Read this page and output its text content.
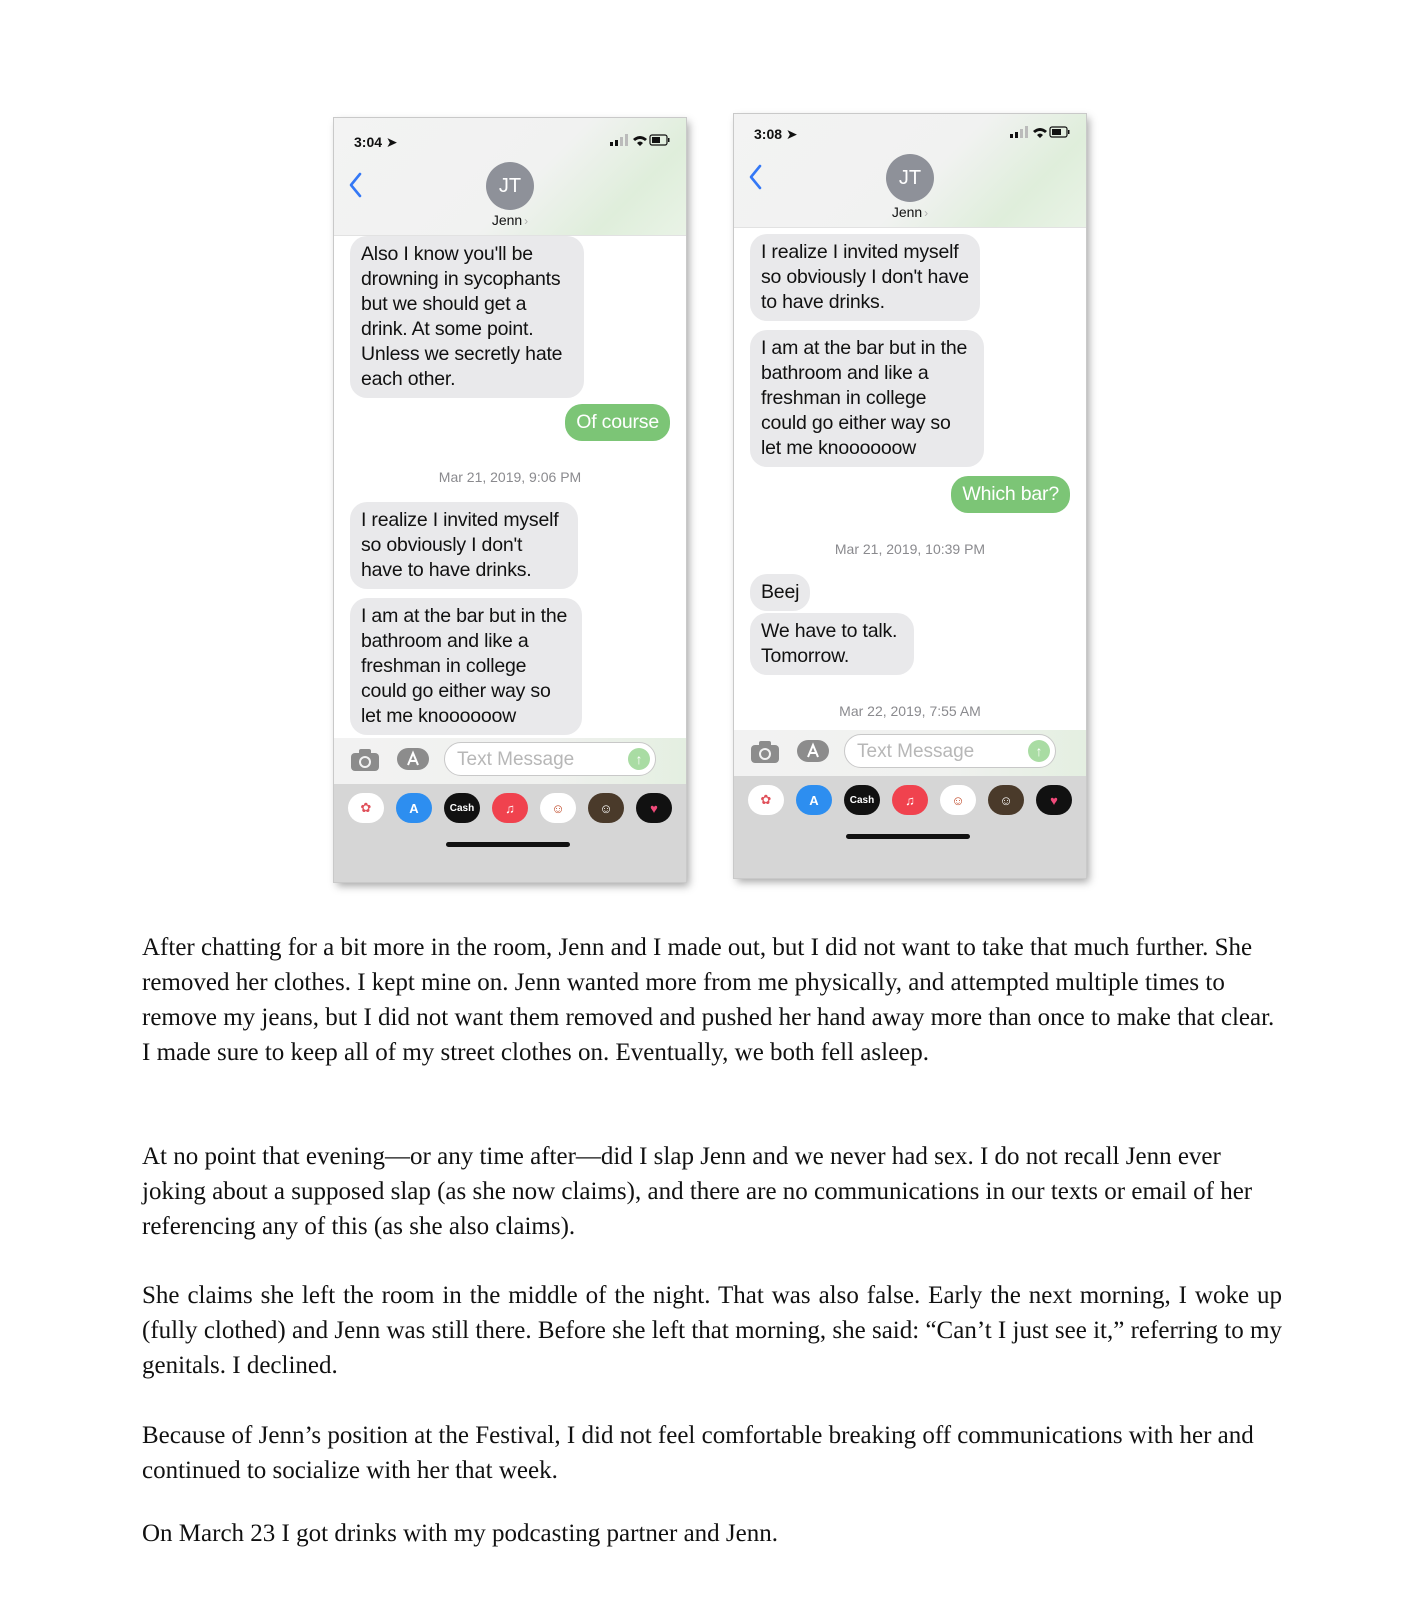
3:04 ➤
JT
Jenn ›
Also I know you'll be drowning in sycophants but we should get a drink. At some point. Unless we secretly hate each other.
Of course
Mar 21, 2019, 9:06 PM
I realize I invited myself so obviously I don't have to have drinks.
I am at the bar but in the bathroom and like a freshman in college could go either way so let me knoooooow
Text Message	↑
✿	A	Cash	♫	☺	☺	♥
3:08 ➤
JT
Jenn ›
I realize I invited myself so obviously I don't have to have drinks.
I am at the bar but in the bathroom and like a freshman in college could go either way so let me knoooooow
Which bar?
Mar 21, 2019, 10:39 PM
Beej
We have to talk. Tomorrow.
Mar 22, 2019, 7:55 AM
Text Message	↑
✿	A	Cash	♫	☺	☺	♥

After chatting for a bit more in the room, Jenn and I made out, but I did not want to take that much further. She removed her clothes. I kept mine on. Jenn wanted more from me physically, and attempted multiple times to remove my jeans, but I did not want them removed and pushed her hand away more than once to make that clear. I made sure to keep all of my street clothes on. Eventually, we both fell asleep.

At no point that evening—or any time after—did I slap Jenn and we never had sex. I do not recall Jenn ever joking about a supposed slap (as she now claims), and there are no communications in our texts or email of her referencing any of this (as she also claims).

She claims she left the room in the middle of the night. That was also false. Early the next morning, I woke up (fully clothed) and Jenn was still there. Before she left that morning, she said: “Can’t I just see it,” referring to my genitals. I declined.

Because of Jenn’s position at the Festival, I did not feel comfortable breaking off communications with her and continued to socialize with her that week.

On March 23 I got drinks with my podcasting partner and Jenn.
